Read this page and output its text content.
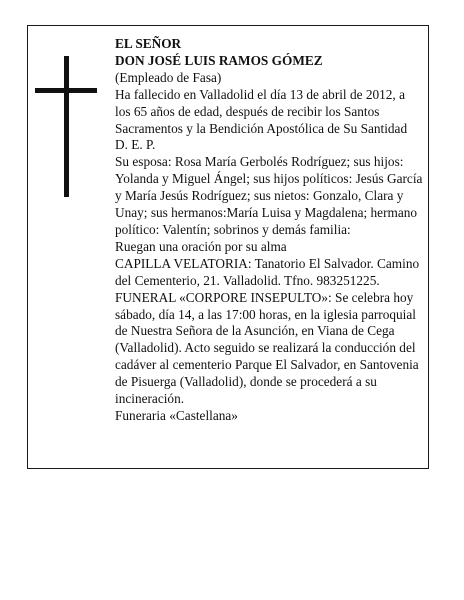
EL SEÑOR

DON JOSÉ LUIS RAMOS GÓMEZ

(Empleado de Fasa)

Ha fallecido en Valladolid el día 13 de abril de 2012, a los 65 años de edad, después de recibir los Santos Sacramentos y la Bendición Apostólica de Su Santidad

D. E. P.

Su esposa: Rosa María Gerbolés Rodríguez; sus hijos: Yolanda y Miguel Ángel; sus hijos políticos: Jesús García y María Jesús Rodríguez; sus nietos: Gonzalo, Clara y Unay; sus hermanos:María Luisa y Magdalena; hermano político: Valentín; sobrinos y demás familia:

Ruegan una oración por su alma

CAPILLA VELATORIA: Tanatorio El Salvador. Camino del Cementerio, 21. Valladolid. Tfno. 983251225.

FUNERAL «CORPORE INSEPULTO»: Se celebra hoy sábado, día 14, a las 17:00 horas, en la iglesia parroquial de Nuestra Señora de la Asunción, en Viana de Cega (Valladolid). Acto seguido se realizará la conducción del cadáver al cementerio Parque El Salvador, en Santovenia de Pisuerga (Valladolid), donde se procederá a su incineración.

Funeraria «Castellana»
